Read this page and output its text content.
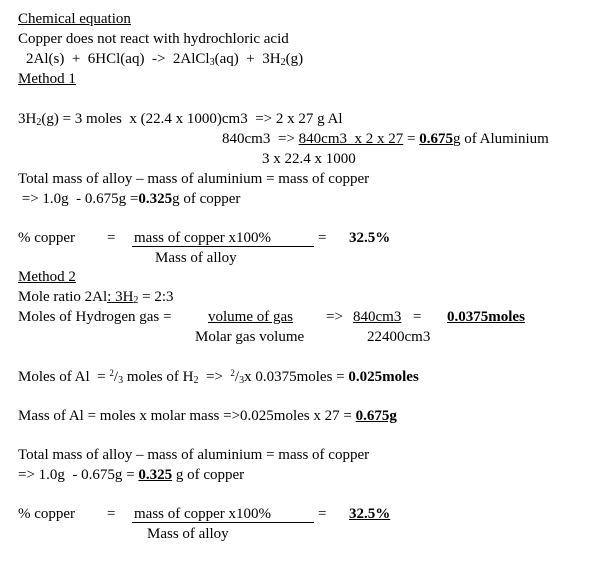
Chemical equation
Copper does not react with hydrochloric acid
2Al(s) + 6HCl(aq) -> 2AlCl$_3$(aq) + $3H_2(g)$
Method 1
$3H_2(g) = 3$ moles  x (22.4 x 1000)cm3  => 2 x 27 g Al
840cm3 => 840cm3  x 2 x 27 = 0.675g of Aluminium
3 x 22.4 x 1000
Total mass of alloy – mass of aluminium = mass of copper
=> 1.0g  - 0.675g =0.325g of copper
% copper = mass of copper x100%	= 32.5%
Mass of alloy
Method 2
Mole ratio 2Al: $3H_2$ = 2:3
Moles of Hydrogen gas = volume of gas => 840cm3 = 0.0375moles
Molar gas volume	22400cm3
Moles of $Al = ^2/_3$ moles of $H_2 => ^2/_3x$ 0.0375moles = 0.025moles
Mass of Al = moles x molar mass =>0.025moles x 27 = 0.675g
Total mass of alloy – mass of aluminium = mass of copper
=> 1.0g  - 0.675g = 0.325 g of copper
% copper = mass of copper x100%	= 32.5%
Mass of alloy
